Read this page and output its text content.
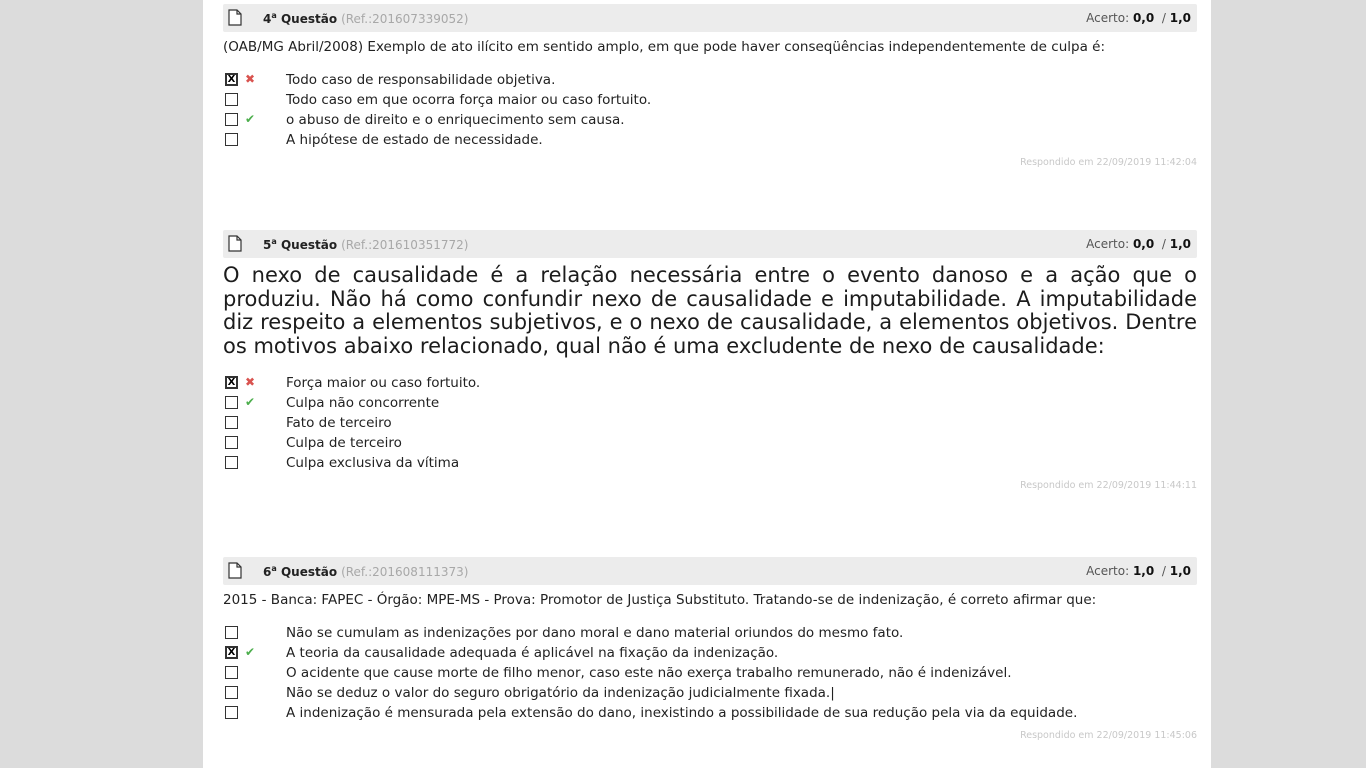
4$^a$ Questão (Ref.:201607339052)	Acerto: 0,0 / 1,0
(OAB/MG Abril/2008) Exemplo de ato ilícito em sentido amplo, em que pode haver conseqüências independentemente de culpa é:
X ✖ Todo caso de responsabilidade objetiva.
Todo caso em que ocorra força maior ou caso fortuito.
✔ o abuso de direito e o enriquecimento sem causa.
A hipótese de estado de necessidade.
Respondido em 22/09/2019 11:42:04
5$^a$ Questão (Ref.:201610351772)	Acerto: 0,0 / 1,0
O nexo de causalidade é a relação necessária entre o evento danoso e a ação que o produziu. Não há como confundir nexo de causalidade e imputabilidade. A imputabilidade diz respeito a elementos subjetivos, e o nexo de causalidade, a elementos objetivos. Dentre os motivos abaixo relacionado, qual não é uma excludente de nexo de causalidade:
X ✖ Força maior ou caso fortuito.
✔ Culpa não concorrente
Fato de terceiro
Culpa de terceiro
Culpa exclusiva da vítima
Respondido em 22/09/2019 11:44:11
6$^a$ Questão (Ref.:201608111373)	Acerto: 1,0 / 1,0
2015 - Banca: FAPEC - Órgão: MPE-MS - Prova: Promotor de Justiça Substituto. Tratando-se de indenização, é correto afirmar que:
Não se cumulam as indenizações por dano moral e dano material oriundos do mesmo fato.
X ✔ A teoria da causalidade adequada é aplicável na fixação da indenização.
O acidente que cause morte de filho menor, caso este não exerça trabalho remunerado, não é indenizável.
Não se deduz o valor do seguro obrigatório da indenização judicialmente fixada.|
A indenização é mensurada pela extensão do dano, inexistindo a possibilidade de sua redução pela via da equidade.
Respondido em 22/09/2019 11:45:06
